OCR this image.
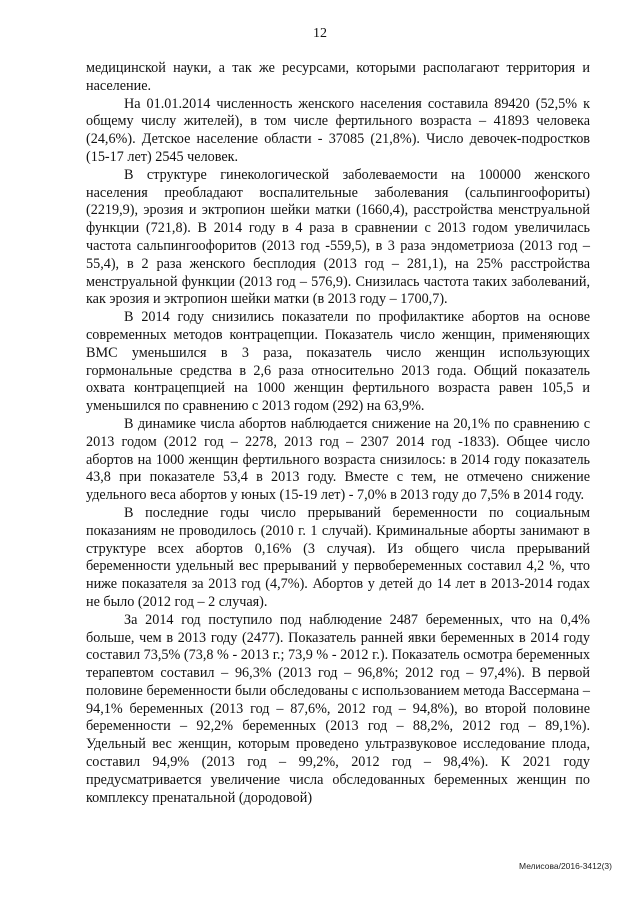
12

медицинской науки, а так же ресурсами, которыми располагают территория и население.

На 01.01.2014 численность женского населения составила 89420 (52,5% к общему числу жителей), в том числе фертильного возраста – 41893 человека (24,6%). Детское население области - 37085 (21,8%). Число девочек-подростков (15-17 лет) 2545 человек.

В структуре гинекологической заболеваемости на 100000 женского населения преобладают воспалительные заболевания (сальпингоофориты) (2219,9), эрозия и эктропион шейки матки (1660,4), расстройства менструальной функции (721,8). В 2014 году в 4 раза в сравнении с 2013 годом увеличилась частота сальпингоофоритов (2013 год -559,5), в 3 раза эндометриоза (2013 год – 55,4), в 2 раза женского бесплодия (2013 год – 281,1), на 25% расстройства менструальной функции (2013 год – 576,9). Снизилась частота таких заболеваний, как эрозия и эктропион шейки матки (в 2013 году – 1700,7).

В 2014 году снизились показатели по профилактике абортов на основе современных методов контрацепции. Показатель число женщин, применяющих ВМС уменьшился в 3 раза, показатель число женщин использующих гормональные средства в 2,6 раза относительно 2013 года. Общий показатель охвата контрацепцией на 1000 женщин фертильного возраста равен 105,5 и уменьшился по сравнению с 2013 годом (292) на 63,9%.

В динамике числа абортов наблюдается снижение на 20,1% по сравнению с 2013 годом (2012 год – 2278, 2013 год – 2307 2014 год -1833). Общее число абортов на 1000 женщин фертильного возраста снизилось: в 2014 году показатель 43,8 при показателе 53,4 в 2013 году. Вместе с тем, не отмечено снижение удельного веса абортов у юных (15-19 лет) - 7,0% в 2013 году до 7,5% в 2014 году.

В последние годы число прерываний беременности по социальным показаниям не проводилось (2010 г. 1 случай). Криминальные аборты занимают в структуре всех абортов 0,16% (3 случая). Из общего числа прерываний беременности удельный вес прерываний у первобеременных составил 4,2 %, что ниже показателя за 2013 год (4,7%). Абортов у детей до 14 лет в 2013-2014 годах не было (2012 год – 2 случая).

За 2014 год поступило под наблюдение 2487 беременных, что на 0,4% больше, чем в 2013 году (2477). Показатель ранней явки беременных в 2014 году составил 73,5% (73,8 % - 2013 г.; 73,9 % - 2012 г.). Показатель осмотра беременных терапевтом составил – 96,3% (2013 год – 96,8%; 2012 год – 97,4%). В первой половине беременности были обследованы с использованием метода Вассермана – 94,1% беременных (2013 год – 87,6%, 2012 год – 94,8%), во второй половине беременности – 92,2% беременных (2013 год – 88,2%, 2012 год – 89,1%). Удельный вес женщин, которым проведено ультразвуковое исследование плода, составил 94,9% (2013 год – 99,2%, 2012 год – 98,4%). К 2021 году предусматривается увеличение числа обследованных беременных женщин по комплексу пренатальной (дородовой)

Мелисова/2016-3412(3)
